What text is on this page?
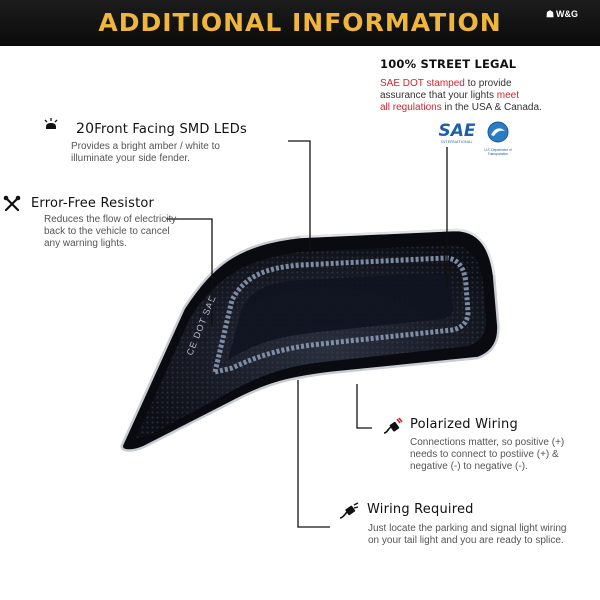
ADDITIONAL INFORMATION	☗ W&G
CE DOT SAE
100% STREET LEGAL
SAE DOT stamped to provide
assurance that your lights meet
all regulations in the USA & Canada.
SAE
INTERNATIONAL
U.S. Department of Transportation
20Front Facing SMD LEDs
Provides a bright amber / white to
illuminate your side fender.
Error-Free Resistor
Reduces the flow of electricity
back to the vehicle to cancel
any warning lights.
Polarized Wiring
Connections matter, so positive (+)
needs to connect to postiive (+) &
negative (-) to negative (-).
Wiring Required
Just locate the parking and signal light wiring
on your tail light and you are ready to splice.
